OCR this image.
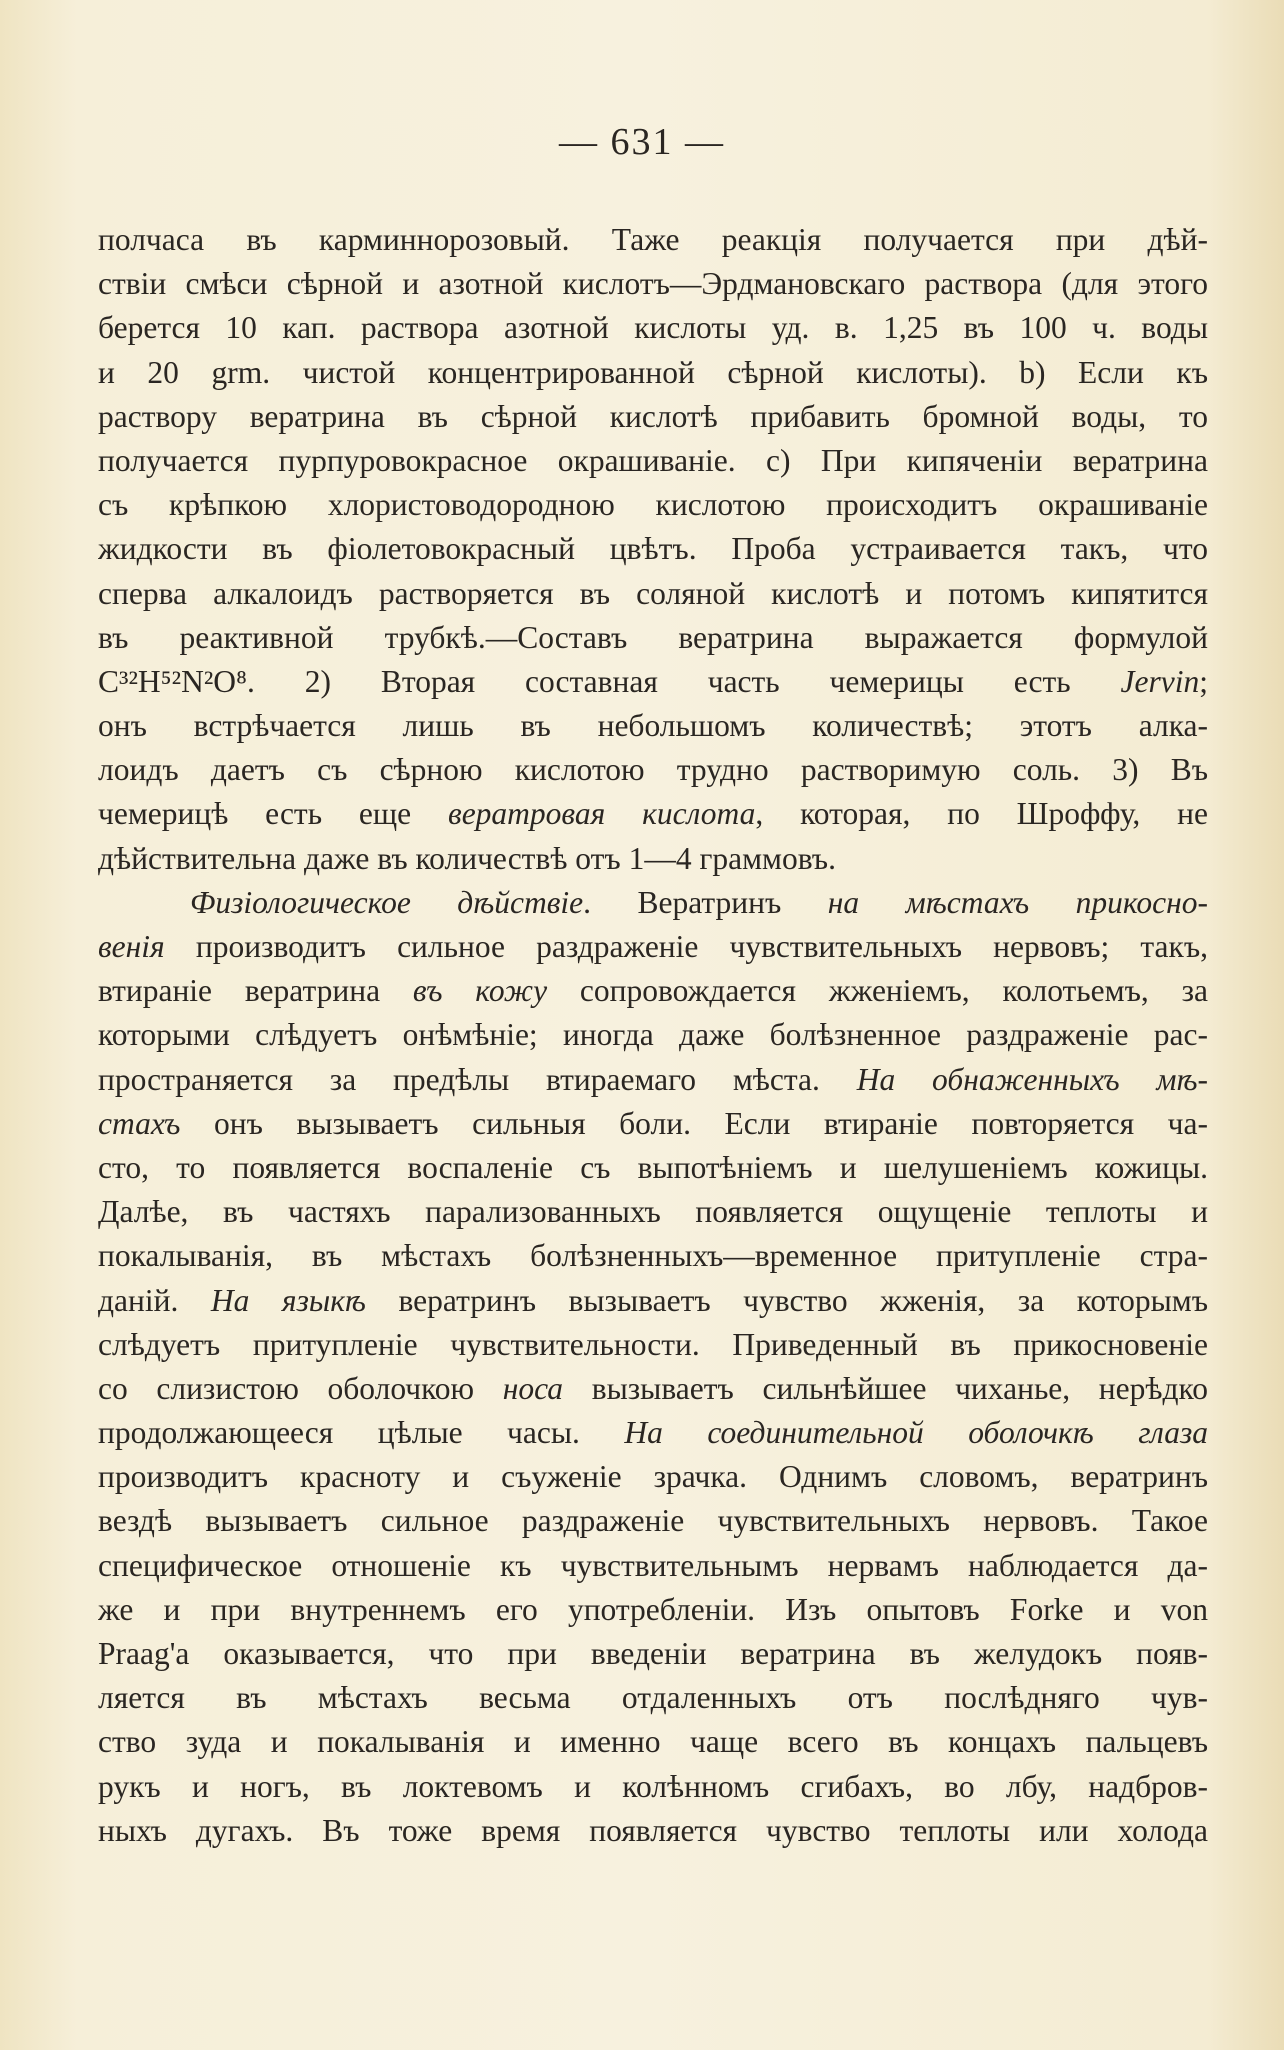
— 631 —
полчаса въ карминнорозовый. Таже реакція получается при дѣй-
ствіи смѣси сѣрной и азотной кислотъ—Эрдмановскаго раствора (для этого
берется 10 кап. раствора азотной кислоты уд. в. 1,25 въ 100 ч. воды
и 20 grm. чистой концентрированной сѣрной кислоты). b) Если къ
раствору вератрина въ сѣрной кислотѣ прибавить бромной воды, то
получается пурпуровокрасное окрашиваніе. c) При кипяченіи вератрина
съ крѣпкою хлористоводородною кислотою происходитъ окрашиваніе
жидкости въ фіолетовокрасный цвѣтъ. Проба устраивается такъ, что
сперва алкалоидъ растворяется въ соляной кислотѣ и потомъ кипятится
въ реактивной трубкѣ.—Составъ вератрина выражается формулой
C³²H⁵²N²O⁸. 2) Вторая составная часть чемерицы есть Jervin;
онъ встрѣчается лишь въ небольшомъ количествѣ; этотъ алка-
лоидъ даетъ съ сѣрною кислотою трудно растворимую соль. 3) Въ
чемерицѣ есть еще вератровая кислота, которая, по Шроффу, не
дѣйствительна даже въ количествѣ отъ 1—4 граммовъ.
Физіологическое дѣйствіе. Вератринъ на мѣстахъ прикосно-
венія производитъ сильное раздраженіе чувствительныхъ нервовъ; такъ,
втираніе вератрина въ кожу сопровождается жженіемъ, колотьемъ, за
которыми слѣдуетъ онѣмѣніе; иногда даже болѣзненное раздраженіе рас-
пространяется за предѣлы втираемаго мѣста. На обнаженныхъ мѣ-
стахъ онъ вызываетъ сильныя боли. Если втираніе повторяется ча-
сто, то появляется воспаленіе съ выпотѣніемъ и шелушеніемъ кожицы.
Далѣе, въ частяхъ парализованныхъ появляется ощущеніе теплоты и
покалыванія, въ мѣстахъ болѣзненныхъ—временное притупленіе стра-
даній. На языкѣ вератринъ вызываетъ чувство жженія, за которымъ
слѣдуетъ притупленіе чувствительности. Приведенный въ прикосновеніе
со слизистою оболочкою носа вызываетъ сильнѣйшее чиханье, нерѣдко
продолжающееся цѣлые часы. На соединительной оболочкѣ глаза
производитъ красноту и съуженіе зрачка. Однимъ словомъ, вератринъ
вездѣ вызываетъ сильное раздраженіе чувствительныхъ нервовъ. Такое
специфическое отношеніе къ чувствительнымъ нервамъ наблюдается да-
же и при внутреннемъ его употребленіи. Изъ опытовъ Forke и von
Praag'a оказывается, что при введеніи вератрина въ желудокъ появ-
ляется въ мѣстахъ весьма отдаленныхъ отъ послѣдняго чув-
ство зуда и покалыванія и именно чаще всего въ концахъ пальцевъ
рукъ и ногъ, въ локтевомъ и колѣнномъ сгибахъ, во лбу, надбров-
ныхъ дугахъ. Въ тоже время появляется чувство теплоты или холода
